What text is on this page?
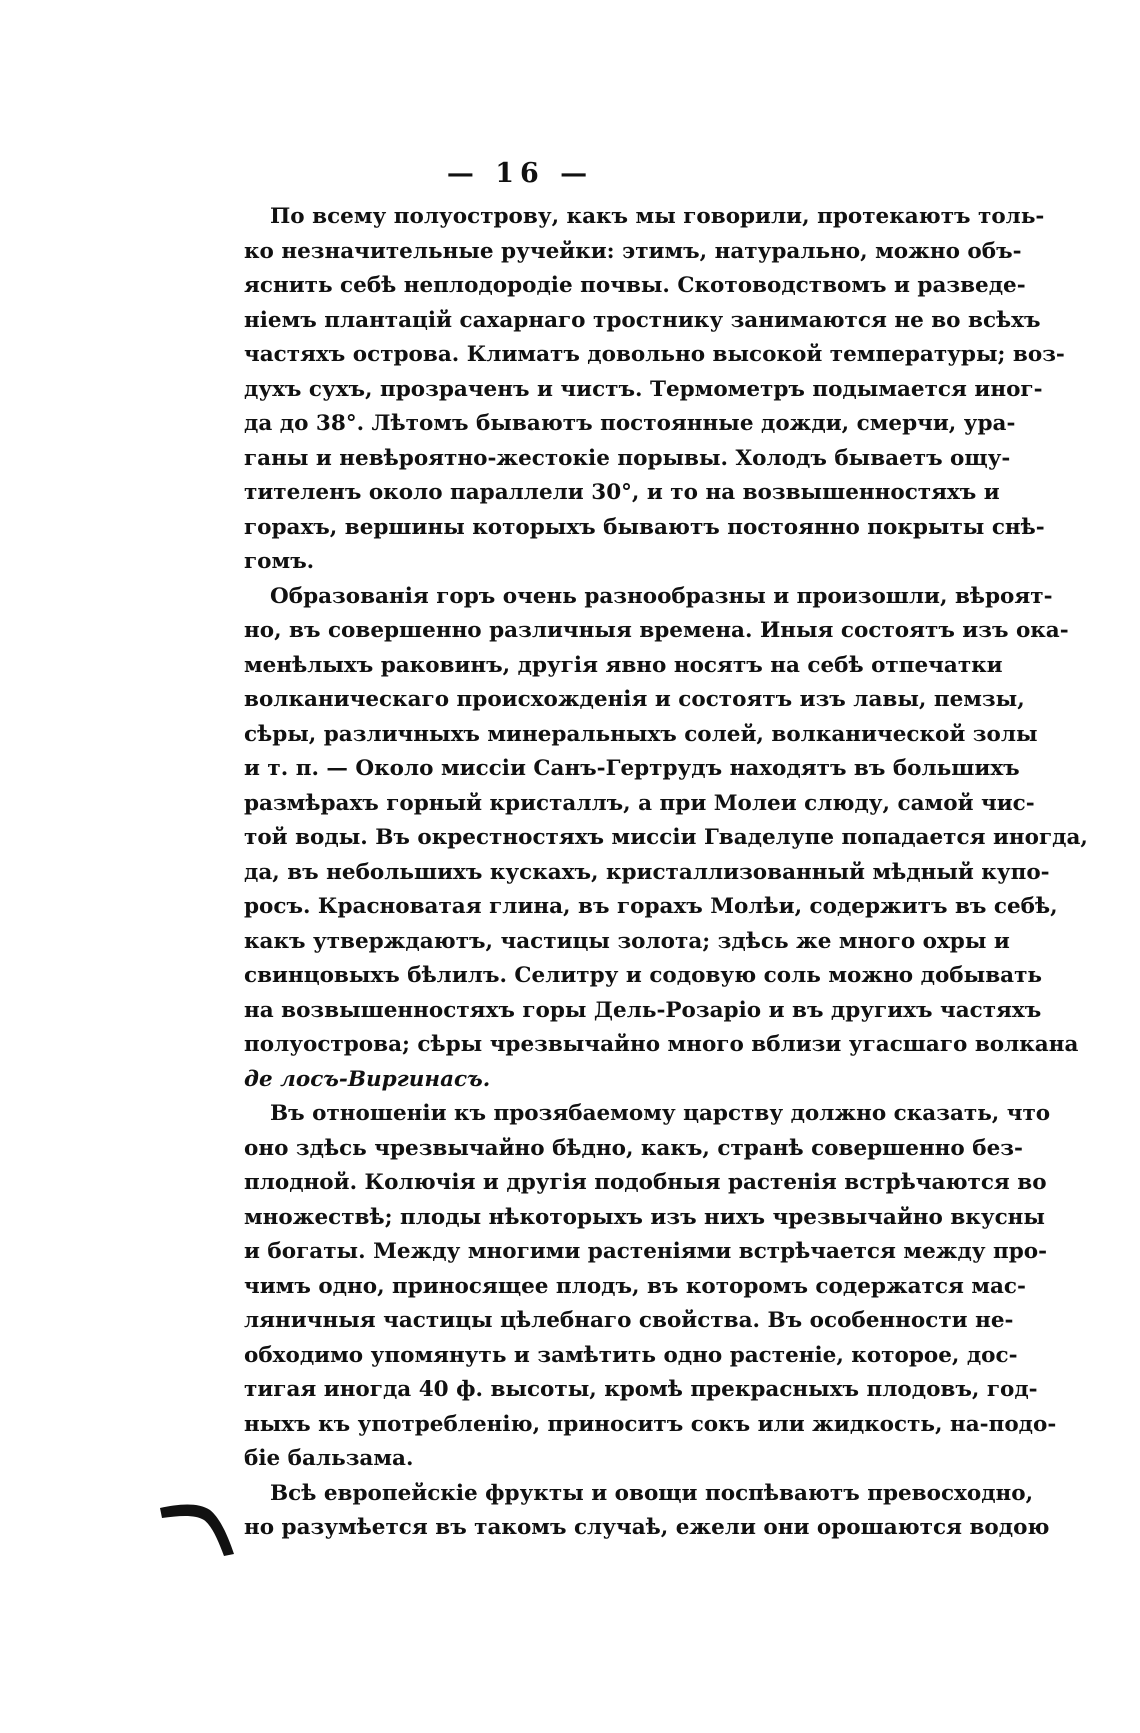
— 16 —
По всему полуострову, какъ мы говорили, протекаютъ толь-
ко незначительные ручейки: этимъ, натурально, можно объ-
яснить себѣ неплодородіе почвы. Скотоводствомъ и разведе-
ніемъ плантацій сахарнаго тростнику занимаются не во всѣхъ
частяхъ острова. Климатъ довольно высокой температуры; воз-
духъ сухъ, прозраченъ и чистъ. Термометръ подымается иног-
да до 38°. Лѣтомъ бываютъ постоянные дожди, смерчи, ура-
ганы и невѣроятно-жестокіе порывы. Холодъ бываетъ ощу-
тителенъ около параллели 30°, и то на возвышенностяхъ и
горахъ, вершины которыхъ бываютъ постоянно покрыты снѣ-
гомъ.
Образованія горъ очень разнообразны и произошли, вѣроят-
но, въ совершенно различныя времена. Иныя состоятъ изъ ока-
менѣлыхъ раковинъ, другія явно носятъ на себѣ отпечатки
волканическаго происхожденія и состоятъ изъ лавы, пемзы,
сѣры, различныхъ минеральныхъ солей, волканической золы
и т. п. — Около миссіи Санъ-Гертрудъ находятъ въ большихъ
размѣрахъ горный кристаллъ, а при Молеи слюду, самой чис-
той воды. Въ окрестностяхъ миссіи Гваделупе попадается иногда,
да, въ небольшихъ кускахъ, кристаллизованный мѣдный купо-
росъ. Красноватая глина, въ горахъ Молѣи, содержитъ въ себѣ,
какъ утверждаютъ, частицы золота; здѣсь же много охры и
свинцовыхъ бѣлилъ. Селитру и содовую соль можно добывать
на возвышенностяхъ горы Дель-Розаріо и въ другихъ частяхъ
полуострова; сѣры чрезвычайно много вблизи угасшаго волкана
де лосъ-Виргинасъ.
Въ отношеніи къ прозябаемому царству должно сказать, что
оно здѣсь чрезвычайно бѣдно, какъ, странѣ совершенно без-
плодной. Колючія и другія подобныя растенія встрѣчаются во
множествѣ; плоды нѣкоторыхъ изъ нихъ чрезвычайно вкусны
и богаты. Между многими растеніями встрѣчается между про-
чимъ одно, приносящее плодъ, въ которомъ содержатся мас-
ляничныя частицы цѣлебнаго свойства. Въ особенности не-
обходимо упомянуть и замѣтить одно растеніе, которое, дос-
тигая иногда 40 ф. высоты, кромѣ прекрасныхъ плодовъ, год-
ныхъ къ употребленію, приноситъ сокъ или жидкость, на-подо-
біе бальзама.
Всѣ европейскіе фрукты и овощи поспѣваютъ превосходно,
но разумѣется въ такомъ случаѣ, ежели они орошаются водою
